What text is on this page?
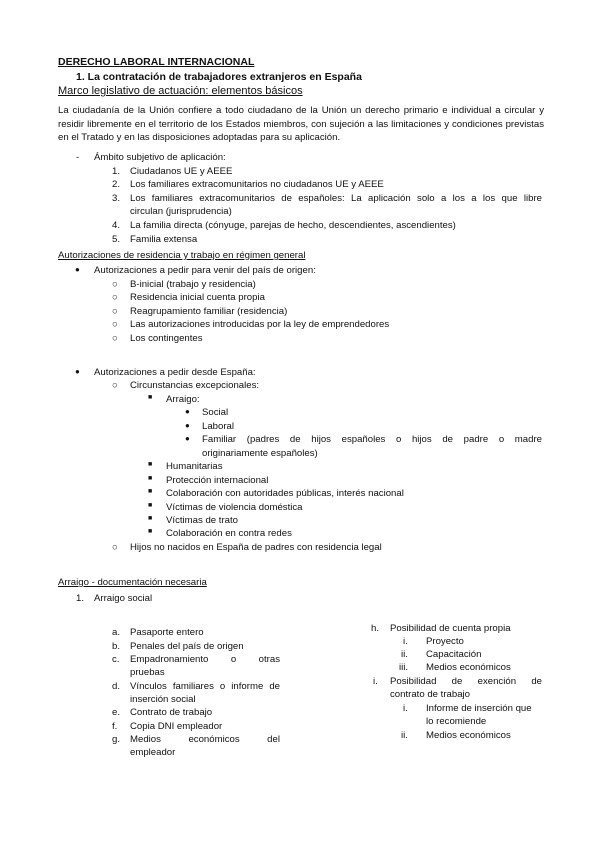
DERECHO LABORAL INTERNACIONAL
1. La contratación de trabajadores extranjeros en España
Marco legislativo de actuación: elementos básicos
La ciudadanía de la Unión confiere a todo ciudadano de la Unión un derecho primario e individual a circular y residir libremente en el territorio de los Estados miembros, con sujeción a las limitaciones y condiciones previstas en el Tratado y en las disposiciones adoptadas para su aplicación.
- Ámbito subjetivo de aplicación:
1. Ciudadanos UE y AEEE
2. Los familiares extracomunitarios no ciudadanos UE y AEEE
3. Los familiares extracomunitarios de españoles: La aplicación solo a los a los que libre
circulan (jurisprudencia)
4. La familia directa (cónyuge, parejas de hecho, descendientes, ascendientes)
5. Familia extensa
Autorizaciones de residencia y trabajo en régimen general
● Autorizaciones a pedir para venir del país de origen:
○ B-inicial (trabajo y residencia)
○ Residencia inicial cuenta propia
○ Reagrupamiento familiar (residencia)
○ Las autorizaciones introducidas por la ley de emprendedores
○ Los contingentes
● Autorizaciones a pedir desde España:
○ Circunstancias excepcionales:
■ Arraigo:
● Social
● Laboral
● Familiar (padres de hijos españoles o hijos de padre o madre
originariamente españoles)
■ Humanitarias
■ Protección internacional
■ Colaboración con autoridades públicas, interés nacional
■ Víctimas de violencia doméstica
■ Víctimas de trato
■ Colaboración en contra redes
○ Hijos no nacidos en España de padres con residencia legal
Arraigo - documentación necesaria
1. Arraigo social
a. Pasaporte entero
b. Penales del país de origen
c. Empadronamiento o otras
pruebas
d. Vínculos familiares o informe de
inserción social
e. Contrato de trabajo
f. Copia DNI empleador
g. Medios económicos del
empleador
h. Posibilidad de cuenta propia
i. Proyecto
ii. Capacitación
iii. Medios económicos
i. Posibilidad de exención de
contrato de trabajo
i. Informe de inserción que
lo recomiende
ii. Medios económicos
